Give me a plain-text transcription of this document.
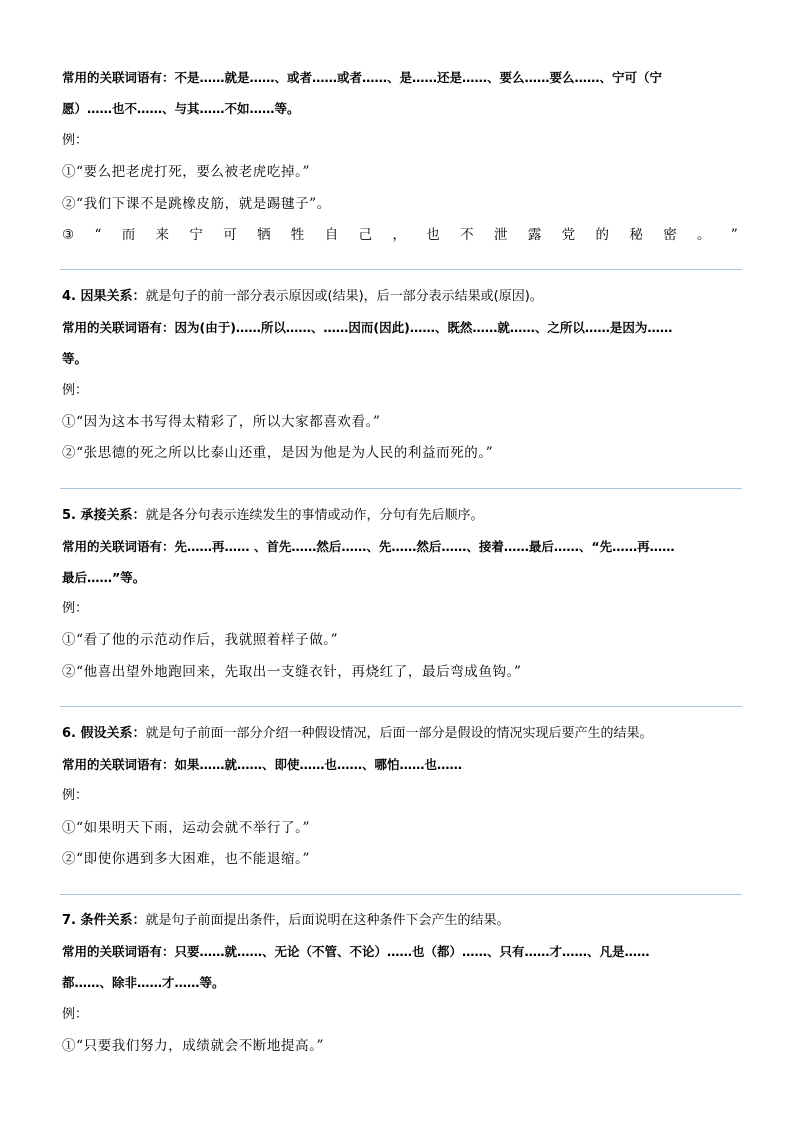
常用的关联词语有：不是……就是……、或者……或者……、是……还是……、要么……要么……、宁可（宁

愿）……也不……、与其……不如……等。

例：

①“要么把老虎打死，要么被老虎吃掉。”

②“我们下课不是跳橡皮筋，就是踢毽子”。

③ “ 而 来 宁 可 牺 牲 自 己 ， 也 不 泄 露 党 的 秘 密 。 ”

4. 因果关系：就是句子的前一部分表示原因或(结果)，后一部分表示结果或(原因)。

常用的关联词语有：因为(由于)……所以……、……因而(因此)……、既然……就……、之所以……是因为……

等。

例：

①“因为这本书写得太精彩了，所以大家都喜欢看。”

②“张思德的死之所以比泰山还重，是因为他是为人民的利益而死的。”

5. 承接关系：就是各分句表示连续发生的事情或动作，分句有先后顺序。

常用的关联词语有：先……再…… 、首先……然后……、先……然后……、接着……最后……、“先……再……

最后……”等。

例：

①“看了他的示范动作后，我就照着样子做。”

②“他喜出望外地跑回来，先取出一支缝衣针，再烧红了，最后弯成鱼钩。”

6. 假设关系：就是句子前面一部分介绍一种假设情况，后面一部分是假设的情况实现后要产生的结果。

常用的关联词语有：如果……就……、即使……也……、哪怕……也……

例：

①“如果明天下雨，运动会就不举行了。”

②“即使你遇到多大困难，也不能退缩。”

7. 条件关系：就是句子前面提出条件，后面说明在这种条件下会产生的结果。

常用的关联词语有：只要……就……、无论（不管、不论）……也（都）……、只有……才……、凡是……

都……、除非……才……等。

例：

①“只要我们努力，成绩就会不断地提高。”
